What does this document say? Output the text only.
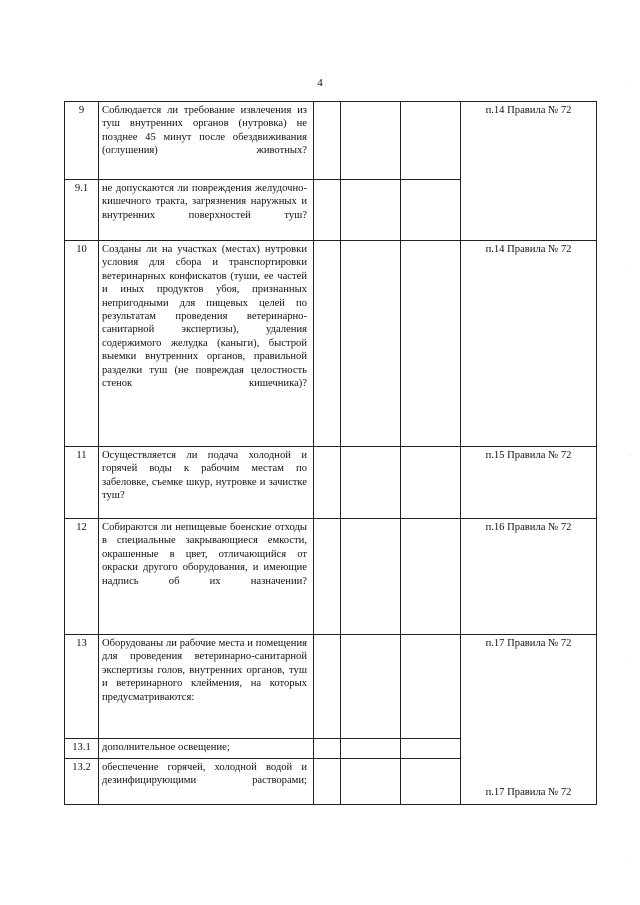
4
9	Соблюдается ли требование извлечения из туш внутренних органов (нутровка) не позднее 45 минут после обездвиживания (оглушения) животных?				п.14 Правила № 72
9.1	не допускаются ли повреждения желудочно-кишечного тракта, загрязнения наружных и внутренних поверхностей туш?				
10	Созданы ли на участках (местах) нутровки условия для сбора и транспортировки ветеринарных конфискатов (туши, ее частей и иных продуктов убоя, признанных непригодными для пищевых целей по результатам проведения ветеринарно-санитарной экспертизы), удаления содержимого желудка (каныги), быстрой выемки внутренних органов, правильной разделки туш (не повреждая целостность стенок кишечника)?				п.14 Правила № 72
11	Осуществляется ли подача холодной и горячей воды к рабочим местам по забеловке, съемке шкур, нутровке и зачистке туш?				п.15 Правила № 72
12	Собираются ли непищевые боенские отходы в специальные закрывающиеся емкости, окрашенные в цвет, отличающийся от окраски другого оборудования, и имеющие надпись об их назначении?				п.16 Правила № 72
13	Оборудованы ли рабочие места и помещения для проведения ветеринарно-санитарной экспертизы голов, внутренних органов, туш и ветеринарного клеймения, на которых предусматриваются:				п.17 Правила № 72
п.17 Правила № 72

13.1	дополнительное освещение;				
13.2	обеспечение горячей, холодной водой и дезинфицирующими растворами;				
·
·
·
·
·
